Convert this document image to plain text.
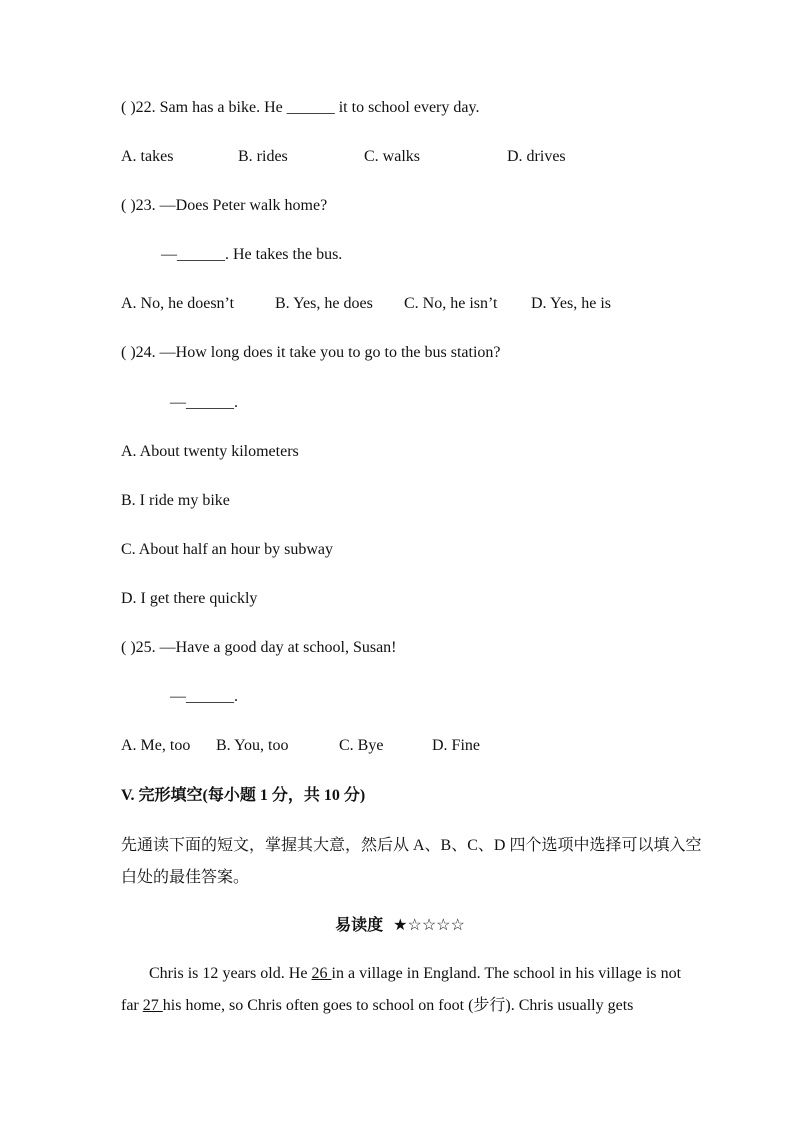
( )22. Sam has a bike. He ______ it to school every day.
A. takes	B. rides	C. walks	D. drives
( )23. —Does Peter walk home?
—______. He takes the bus.
A. No, he doesn’t	B. Yes, he does C. No, he isn’t D. Yes, he is
( )24. —How long does it take you to go to the bus station?
—______.
A. About twenty kilometers
B. I ride my bike
C. About half an hour by subway
D. I get there quickly
( )25. —Have a good day at school, Susan!
—______.
A. Me, too B. You, too	C. Bye	D. Fine
V. 完形填空(每小题 1 分，共 10 分)
先通读下面的短文，掌握其大意，然后从 A、B、C、D 四个选项中选择可以填入空
白处的最佳答案。
易读度 ★☆☆☆☆
Chris is 12 years old. He 26 in a village in England. The school in his village is not far 27 his home, so Chris often goes to school on foot (步行). Chris usually gets
